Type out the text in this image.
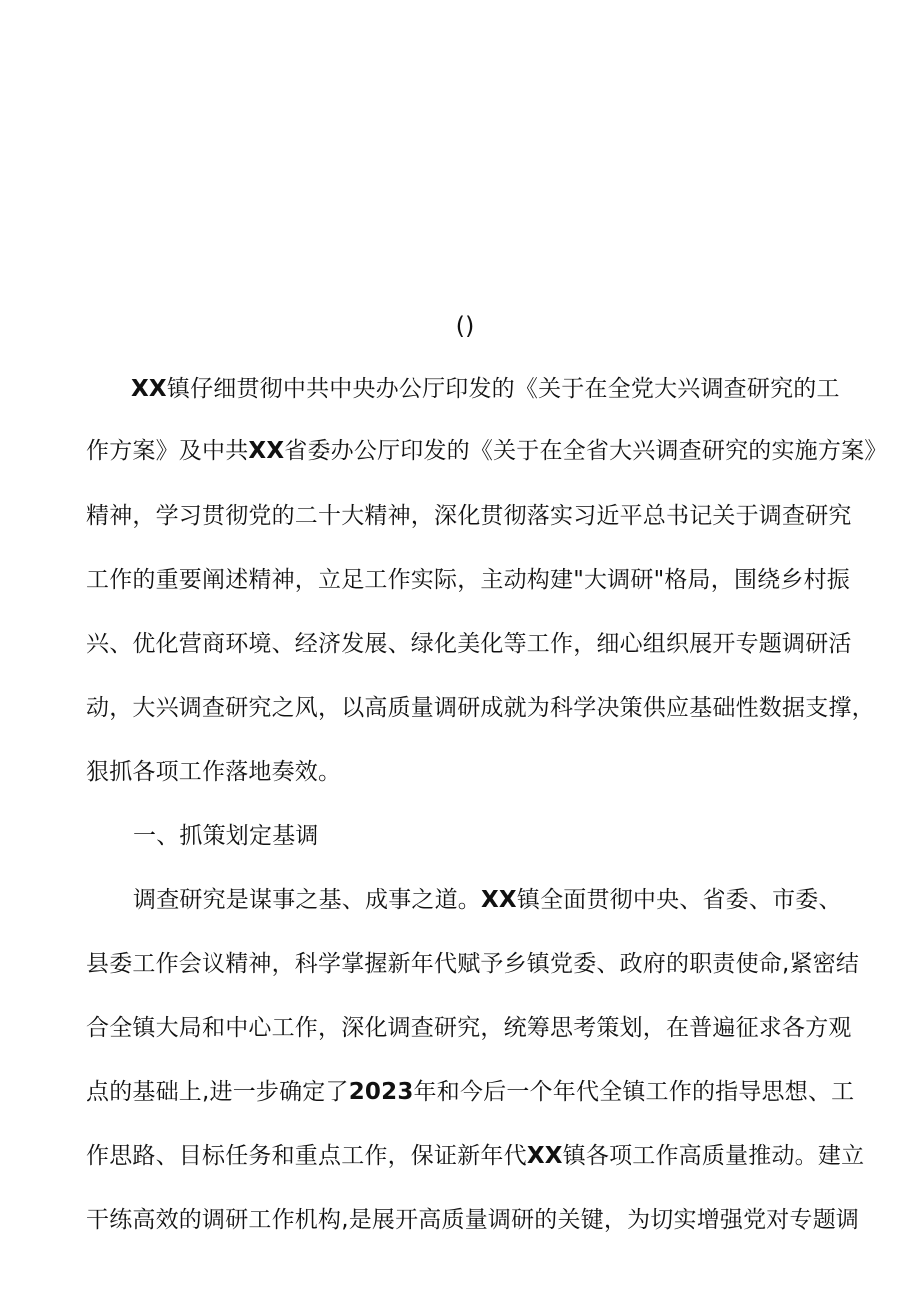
()
XX镇仔细贯彻中共中央办公厅印发的《关于在全党大兴调查研究的工
作方案》及中共XX省委办公厅印发的《关于在全省大兴调查研究的实施方案》
精神，学习贯彻党的二十大精神，深化贯彻落实习近平总书记关于调查研究
工作的重要阐述精神，立足工作实际，主动构建"大调研"格局，围绕乡村振
兴、优化营商环境、经济发展、绿化美化等工作，细心组织展开专题调研活
动，大兴调查研究之风，以高质量调研成就为科学决策供应基础性数据支撑，
狠抓各项工作落地奏效。
一、抓策划定基调
调查研究是谋事之基、成事之道。XX镇全面贯彻中央、省委、市委、
县委工作会议精神，科学掌握新年代赋予乡镇党委、政府的职责使命,紧密结
合全镇大局和中心工作，深化调查研究，统筹思考策划，在普遍征求各方观
点的基础上,进一步确定了2023年和今后一个年代全镇工作的指导思想、工
作思路、目标任务和重点工作，保证新年代XX镇各项工作高质量推动。建立
干练高效的调研工作机构,是展开高质量调研的关键，为切实增强党对专题调
